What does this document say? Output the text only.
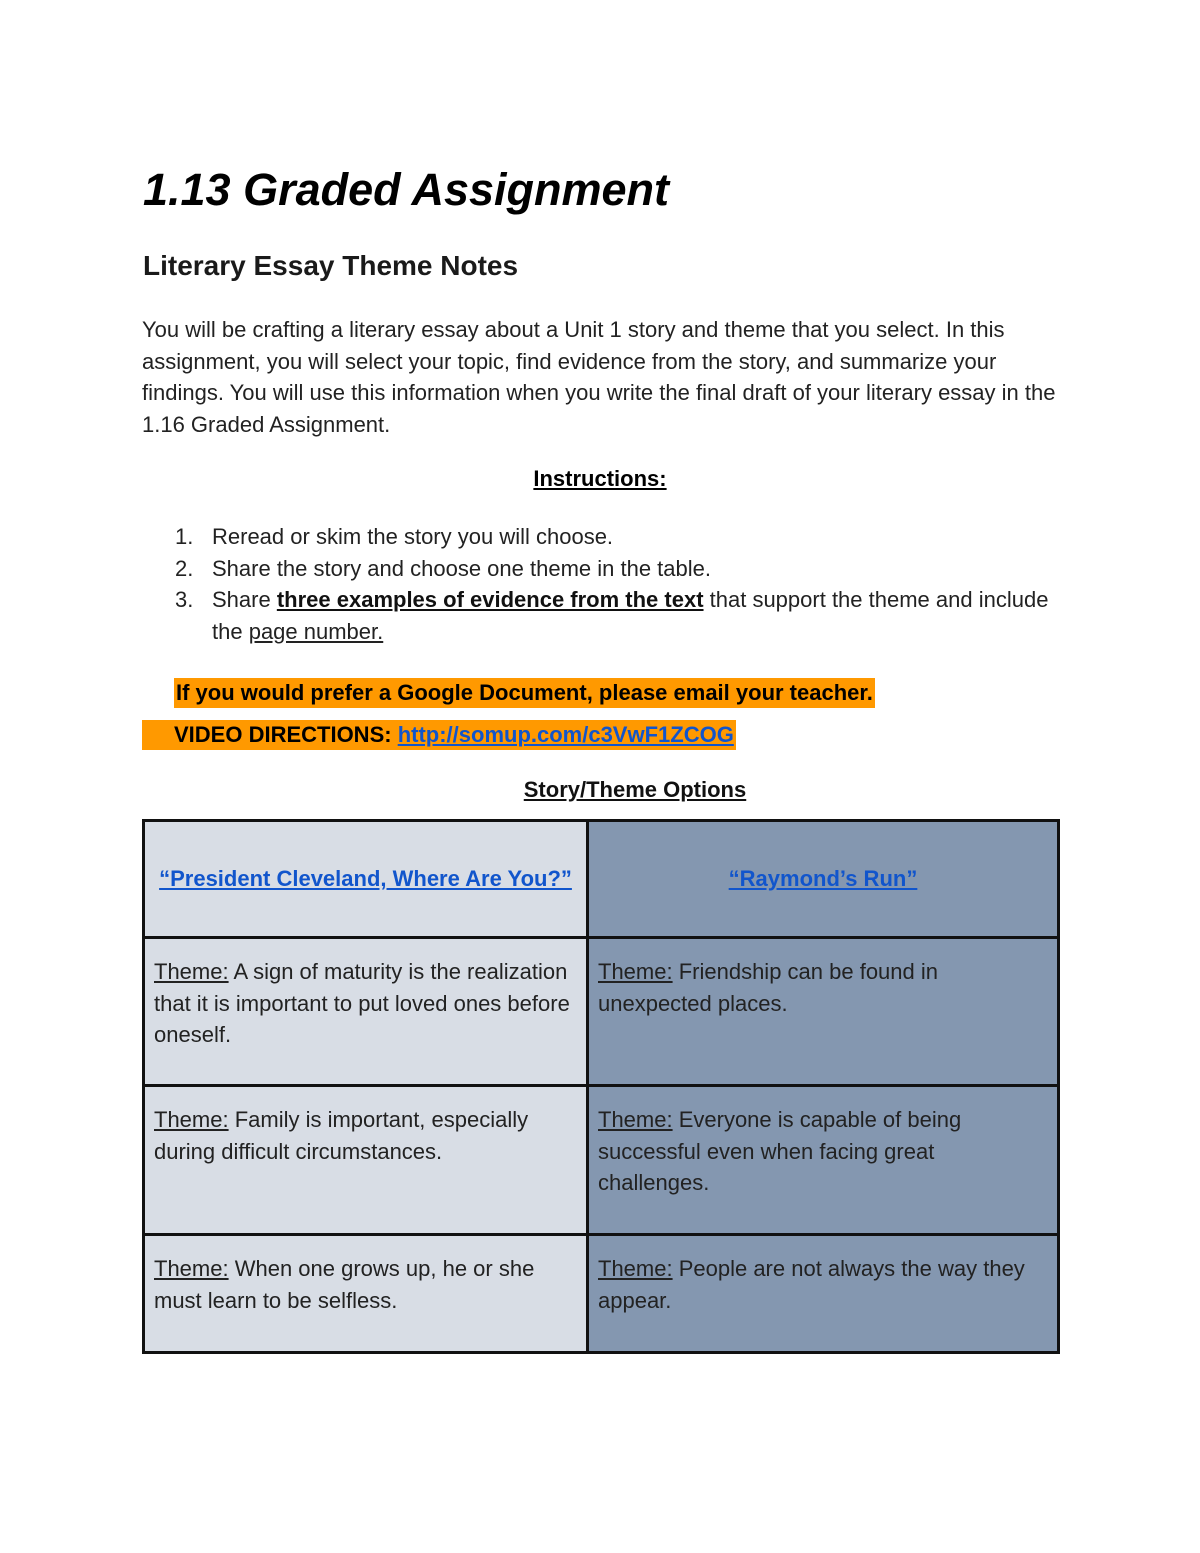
1.13 Graded Assignment
Literary Essay Theme Notes

You will be crafting a literary essay about a Unit 1 story and theme that you select. In this assignment, you will select your topic, find evidence from the story, and summarize your findings. You will use this information when you write the final draft of your literary essay in the 1.16 Graded Assignment.

Instructions:
1. Reread or skim the story you will choose.
2. Share the story and choose one theme in the table.
3. Share three examples of evidence from the text that support the theme and include the page number.
If you would prefer a Google Document, please email your teacher.
VIDEO DIRECTIONS: http://somup.com/c3VwF1ZCOG
Story/Theme Options
“President Cleveland, Where Are You?”	“Raymond’s Run”
Theme: A sign of maturity is the realization that it is important to put loved ones before oneself.	Theme: Friendship can be found in unexpected places.
Theme: Family is important, especially during difficult circumstances.	Theme: Everyone is capable of being successful even when facing great challenges.
Theme: When one grows up, he or she must learn to be selfless.	Theme: People are not always the way they appear.
